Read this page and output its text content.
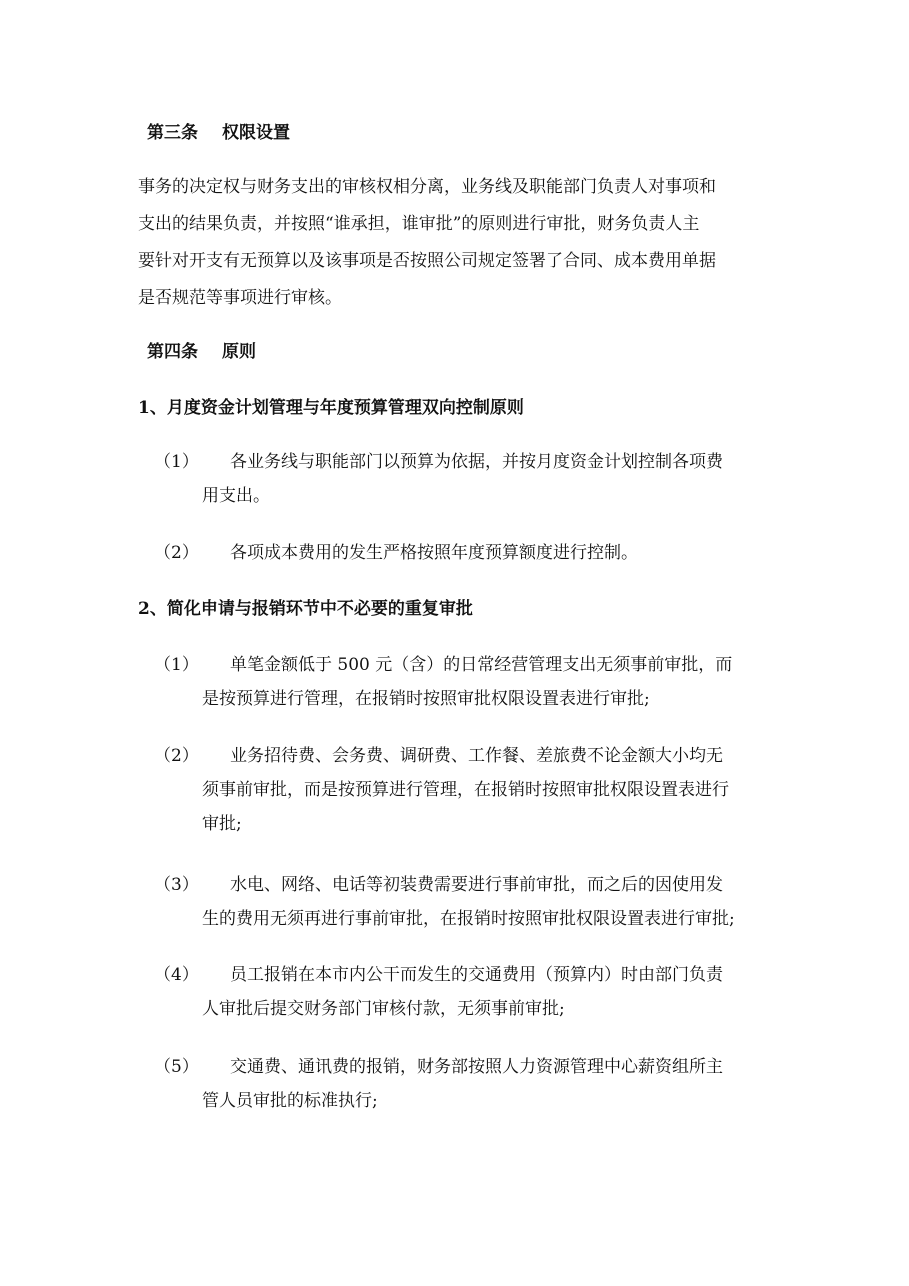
第三条 权限设置
事务的决定权与财务支出的审核权相分离，业务线及职能部门负责人对事项和
支出的结果负责，并按照“谁承担，谁审批”的原则进行审批，财务负责人主
要针对开支有无预算以及该事项是否按照公司规定签署了合同、成本费用单据
是否规范等事项进行审核。
第四条 原则
1、月度资金计划管理与年度预算管理双向控制原则
（1）	各业务线与职能部门以预算为依据，并按月度资金计划控制各项费
用支出。
（2）	各项成本费用的发生严格按照年度预算额度进行控制。
2、简化申请与报销环节中不必要的重复审批
（1）	单笔金额低于 500 元（含）的日常经营管理支出无须事前审批，而
是按预算进行管理，在报销时按照审批权限设置表进行审批;
（2）	业务招待费、会务费、调研费、工作餐、差旅费不论金额大小均无
须事前审批，而是按预算进行管理，在报销时按照审批权限设置表进行
审批;
（3）	水电、网络、电话等初装费需要进行事前审批，而之后的因使用发
生的费用无须再进行事前审批，在报销时按照审批权限设置表进行审批;
（4）	员工报销在本市内公干而发生的交通费用（预算内）时由部门负责
人审批后提交财务部门审核付款，无须事前审批;
（5）	交通费、通讯费的报销，财务部按照人力资源管理中心薪资组所主
管人员审批的标准执行;
